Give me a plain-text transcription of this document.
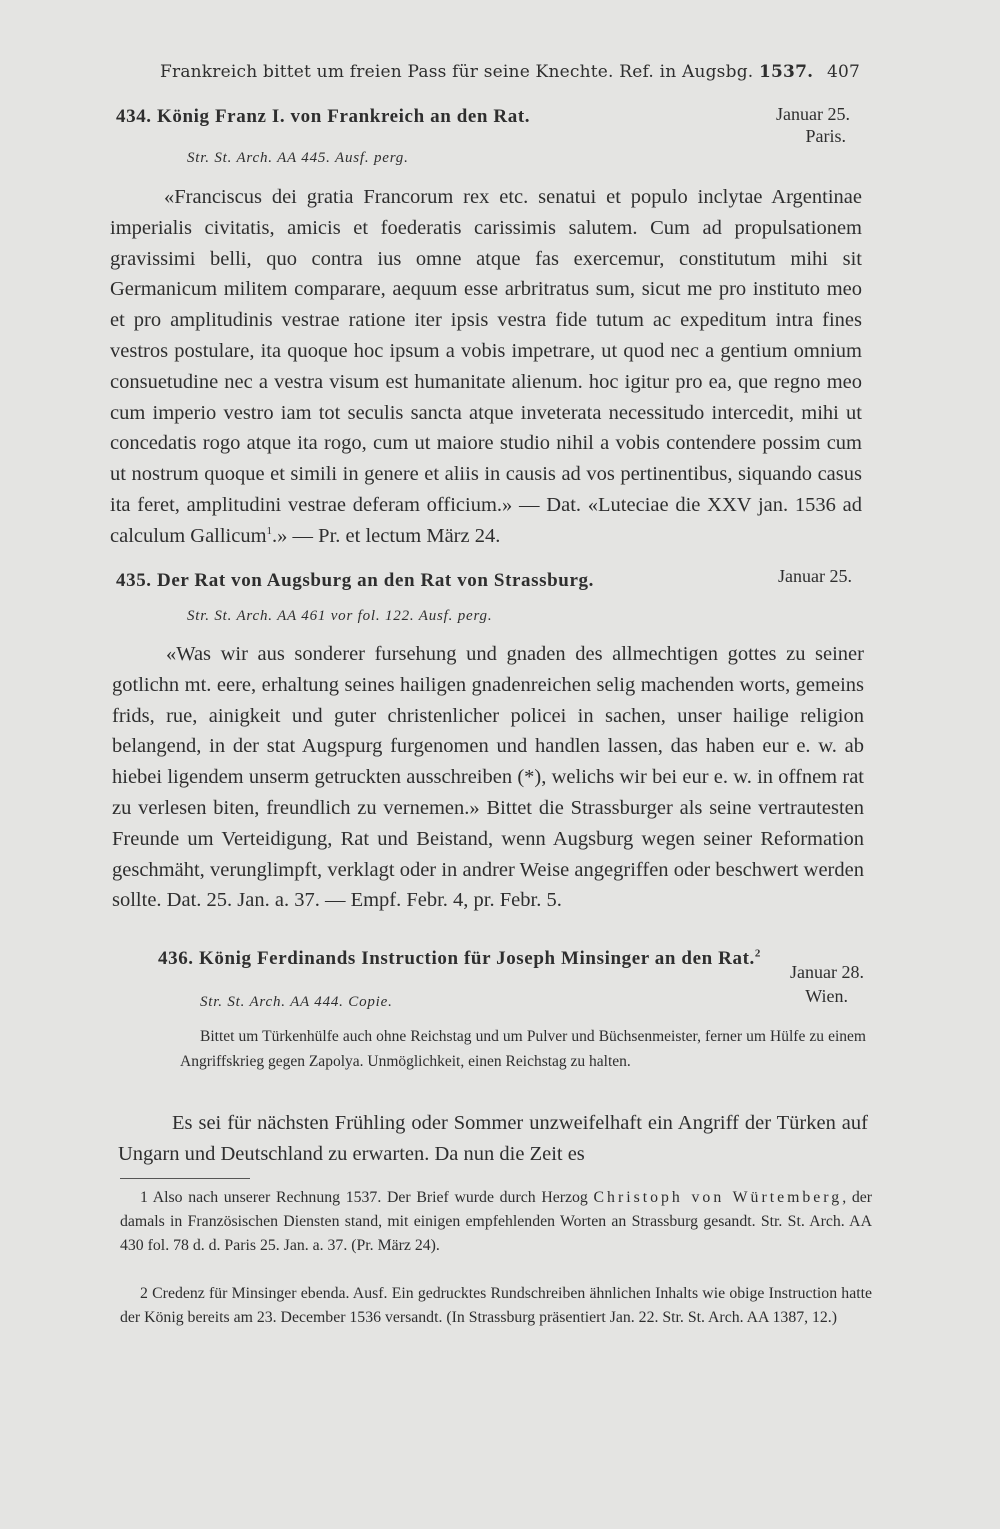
Frankreich bittet um freien Pass für seine Knechte. Ref. in Augsbg. 1537. 407
434. König Franz I. von Frankreich an den Rat.	Januar 25.
Paris.
Str. St. Arch. AA 445. Ausf. perg.

«Franciscus dei gratia Francorum rex etc. senatui et populo inclytae Argentinae imperialis civitatis, amicis et foederatis carissimis salutem. Cum ad propulsationem gravissimi belli, quo contra ius omne atque fas exercemur, constitutum mihi sit Germanicum militem comparare, aequum esse arbritratus sum, sicut me pro instituto meo et pro amplitudinis vestrae ratione iter ipsis vestra fide tutum ac expeditum intra fines vestros postulare, ita quoque hoc ipsum a vobis impetrare, ut quod nec a gentium omnium consuetudine nec a vestra visum est humanitate alienum. hoc igitur pro ea, que regno meo cum imperio vestro iam tot seculis sancta atque inveterata necessitudo intercedit, mihi ut concedatis rogo atque ita rogo, cum ut maiore studio nihil a vobis contendere possim cum ut nostrum quoque et simili in genere et aliis in causis ad vos pertinentibus, siquando casus ita feret, amplitudini vestrae deferam officium.» — Dat. «Luteciae die XXV jan. 1536 ad calculum Gallicum$^1$.» — Pr. et lectum März 24.

435. Der Rat von Augsburg an den Rat von Strassburg.	Januar 25.
Str. St. Arch. AA 461 vor fol. 122. Ausf. perg.

«Was wir aus sonderer fursehung und gnaden des allmechtigen gottes zu seiner gotlichn mt. eere, erhaltung seines hailigen gnadenreichen selig machenden worts, gemeins frids, rue, ainigkeit und guter christenlicher policei in sachen, unser hailige religion belangend, in der stat Augspurg furgenomen und handlen lassen, das haben eur e. w. ab hiebei ligendem unserm getruckten ausschreiben (*), welichs wir bei eur e. w. in offnem rat zu verlesen biten, freundlich zu vernemen.» Bittet die Strassburger als seine vertrautesten Freunde um Verteidigung, Rat und Beistand, wenn Augsburg wegen seiner Reformation geschmäht, verunglimpft, verklagt oder in andrer Weise angegriffen oder beschwert werden sollte. Dat. 25. Jan. a. 37. — Empf. Febr. 4, pr. Febr. 5.

436. König Ferdinands Instruction für Joseph Minsinger an den Rat.$^2$
Januar 28.
Wien.
Str. St. Arch. AA 444. Copie.

Bittet um Türkenhülfe auch ohne Reichstag und um Pulver und Büchsenmeister, ferner um Hülfe zu einem Angriffskrieg gegen Zapolya. Unmöglichkeit, einen Reichstag zu halten.

Es sei für nächsten Frühling oder Sommer unzweifelhaft ein Angriff der Türken auf Ungarn und Deutschland zu erwarten. Da nun die Zeit es

1 Also nach unserer Rechnung 1537. Der Brief wurde durch Herzog Christoph von Würtemberg, der damals in Französischen Diensten stand, mit einigen empfehlenden Worten an Strassburg gesandt. Str. St. Arch. AA 430 fol. 78 d. d. Paris 25. Jan. a. 37. (Pr. März 24).

2 Credenz für Minsinger ebenda. Ausf. Ein gedrucktes Rundschreiben ähnlichen Inhalts wie obige Instruction hatte der König bereits am 23. December 1536 versandt. (In Strassburg präsentiert Jan. 22. Str. St. Arch. AA 1387, 12.)
